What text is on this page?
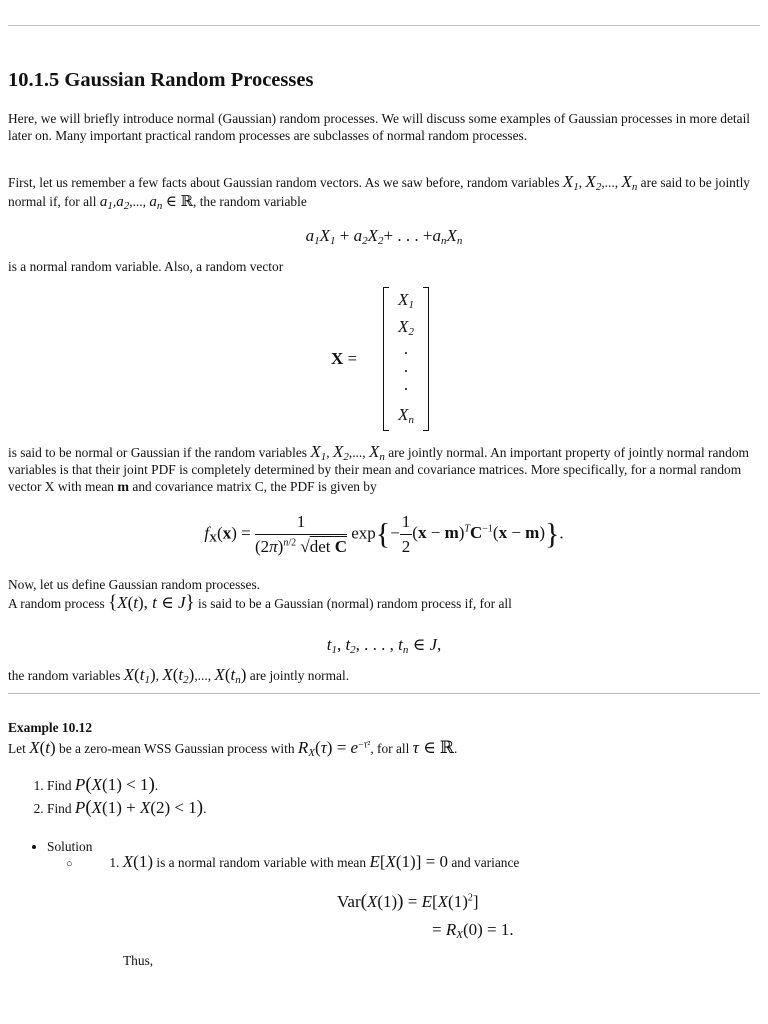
10.1.5 Gaussian Random Processes
Here, we will briefly introduce normal (Gaussian) random processes. We will discuss some examples of Gaussian processes in more detail later on. Many important practical random processes are subclasses of normal random processes.
First, let us remember a few facts about Gaussian random vectors. As we saw before, random variables $X_1$, $X_2$,..., $X_n$ are said to be jointly normal if, for all $a_1,a_2$,..., $a_n$ ∈ ℝ, the random variable
$a_1X_1 + a_2X_2+$ . . . $+a_nX_n$
is a normal random variable. Also, a random vector
X =
$X_1$
$X_2$
.
.
.
$X_n$
is said to be normal or Gaussian if the random variables $X_1$, $X_2$,..., $X_n$ are jointly normal. An important property of jointly normal random variables is that their joint PDF is completely determined by their mean and covariance matrices. More specifically, for a normal random vector X with mean m and covariance matrix C, the PDF is given by
$f_X(x) = \frac{1}{(2\pi)^{n/2} √\det C} \exp\{- \frac{1}{2} (x - m)^TC^{-1}(x - m)\}$.
Now, let us define Gaussian random processes.
A random process {X(t), t ∈ J} is said to be a Gaussian (normal) random process if, for all
$t_1$, $t_2$, . . . , $t_n$ ∈ J,
the random variables $X(t_1)$, $X(t_2)$,..., $X(t_n)$ are jointly normal.
Example 10.12
Let X(t) be a zero-mean WSS Gaussian process with $R_X(\tau) = e^{-\tau^2}$, for all τ ∈ ℝ.
1. Find P(X(1) < 1).
2. Find P(X(1) + X(2) < 1).
• Solution
○	1. X(1) is a normal random variable with mean E[X(1)] = 0 and variance
$Var(X(1)) = E[X(1)^2]$
= $R_X(0) = 1$.
Thus,
